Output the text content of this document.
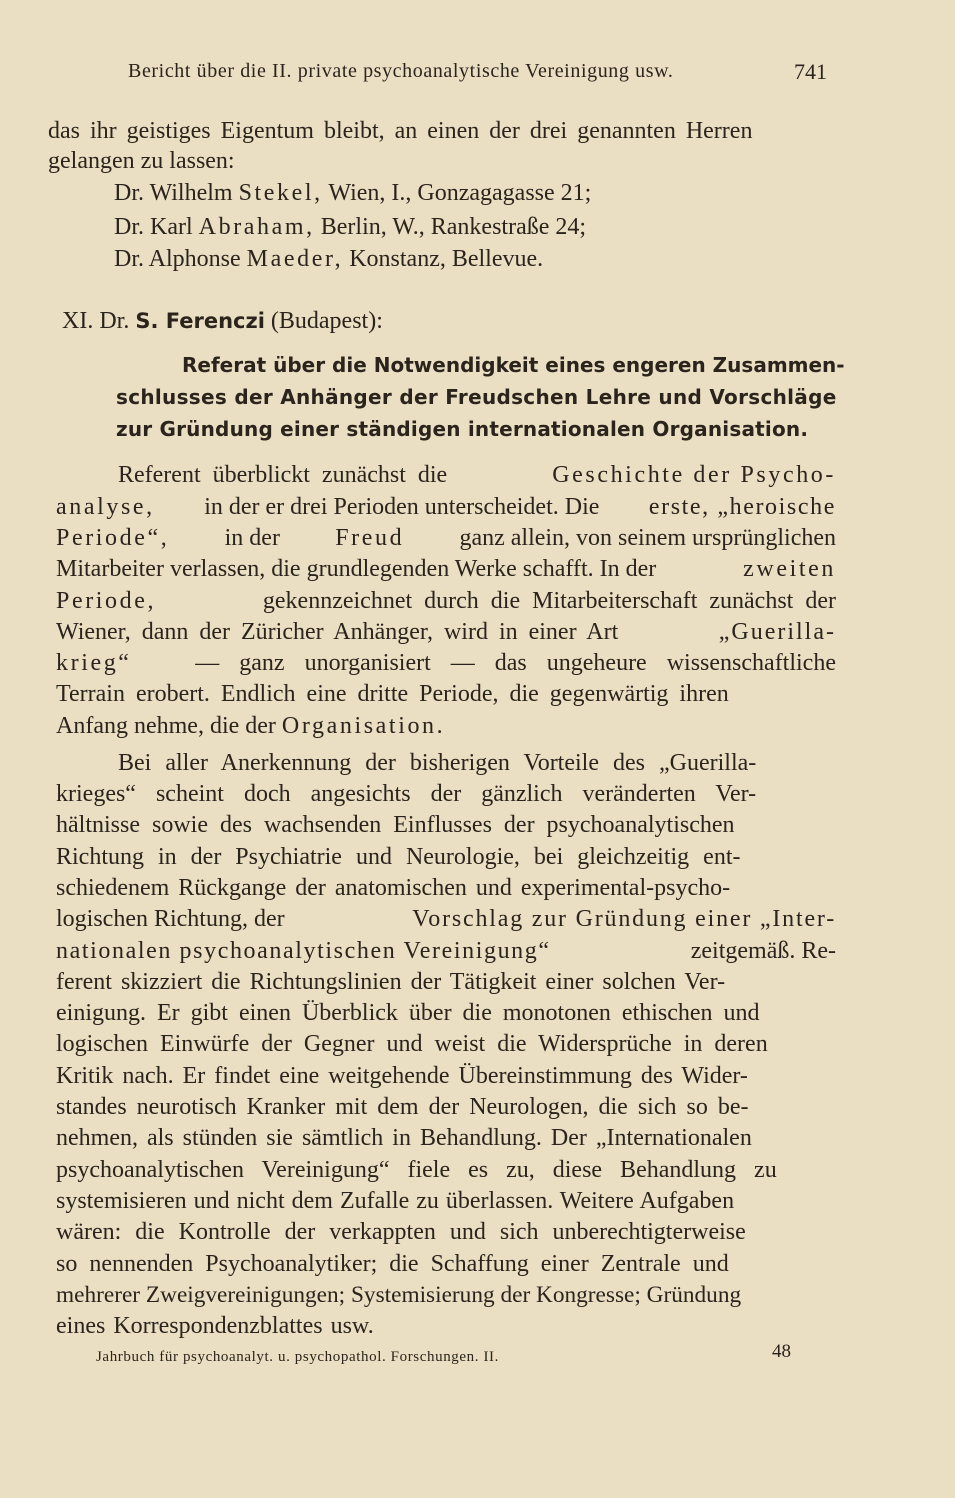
Bericht über die II. private psychoanalytische Vereinigung usw.	741
das ihr geistiges Eigentum bleibt, an einen der drei genannten Herren
gelangen zu lassen:
Dr. Wilhelm Stekel, Wien, I., Gonzagagasse 21;
Dr. Karl Abraham, Berlin, W., Rankestraße 24;
Dr. Alphonse Maeder, Konstanz, Bellevue.
XI. Dr. S. Ferenczi (Budapest):
Referat über die Notwendigkeit eines engeren Zusammen-
schlusses der Anhänger der Freudschen Lehre und Vorschläge
zur Gründung einer ständigen internationalen Organisation.
Referent überblickt zunächst die	Geschichte der Psycho-
analyse, in der er drei Perioden unterscheidet. Die erste, „heroische
Periode“, in der Freud ganz allein, von seinem ursprünglichen
Mitarbeiter verlassen, die grundlegenden Werke schafft. In der	zweiten
Periode,	gekennzeichnet durch die Mitarbeiterschaft zunächst der
Wiener, dann der Züricher Anhänger, wird in einer Art	„Guerilla-
krieg“	— ganz unorganisiert — das ungeheure wissenschaftliche
Terrain erobert. Endlich eine dritte Periode, die gegenwärtig ihren
Anfang nehme, die der Organisation.
Bei aller Anerkennung der bisherigen Vorteile des „Guerilla-
krieges“ scheint doch angesichts der gänzlich veränderten Ver-
hältnisse sowie des wachsenden Einflusses der psychoanalytischen
Richtung in der Psychiatrie und Neurologie, bei gleichzeitig ent-
schiedenem Rückgange der anatomischen und experimental-psycho-
logischen Richtung, der	Vorschlag zur Gründung einer „Inter-
nationalen psychoanalytischen Vereinigung“	zeitgemäß. Re-
ferent skizziert die Richtungslinien der Tätigkeit einer solchen Ver-
einigung. Er gibt einen Überblick über die monotonen ethischen und
logischen Einwürfe der Gegner und weist die Widersprüche in deren
Kritik nach. Er findet eine weitgehende Übereinstimmung des Wider-
standes neurotisch Kranker mit dem der Neurologen, die sich so be-
nehmen, als stünden sie sämtlich in Behandlung. Der „Internationalen
psychoanalytischen Vereinigung“ fiele es zu, diese Behandlung zu
systemisieren und nicht dem Zufalle zu überlassen. Weitere Aufgaben
wären: die Kontrolle der verkappten und sich unberechtigterweise
so nennenden Psychoanalytiker; die Schaffung einer Zentrale und
mehrerer Zweigvereinigungen; Systemisierung der Kongresse; Gründung
eines Korrespondenzblattes usw.
Jahrbuch für psychoanalyt. u. psychopathol. Forschungen. II.	48
